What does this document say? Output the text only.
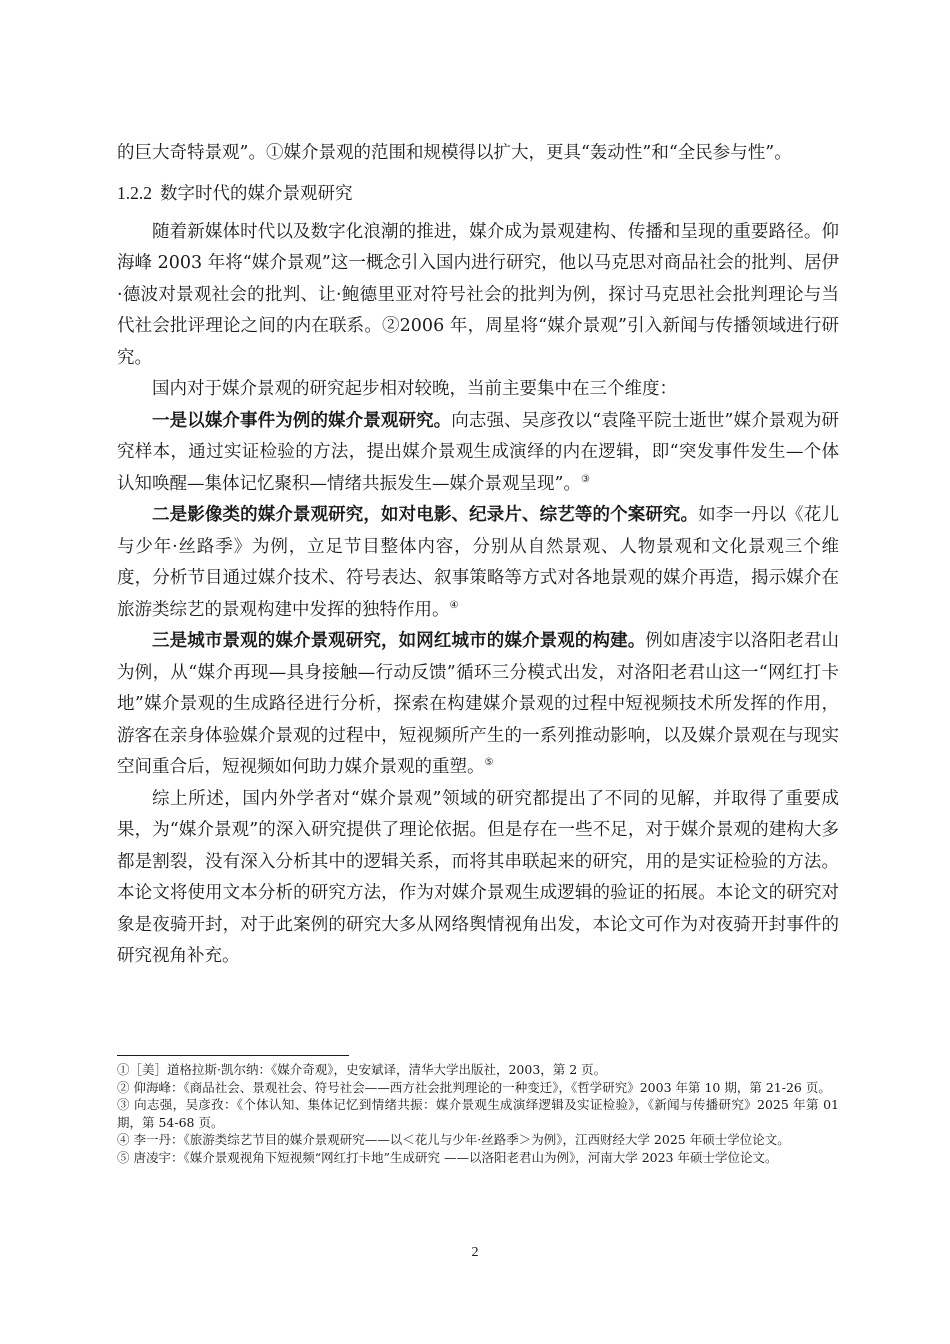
的巨大奇特景观”。①媒介景观的范围和规模得以扩大，更具“轰动性”和“全民参与性”。

1.2.2 数字时代的媒介景观研究

随着新媒体时代以及数字化浪潮的推进，媒介成为景观建构、传播和呈现的重要路径。仰海峰 2003 年将“媒介景观”这一概念引入国内进行研究，他以马克思对商品社会的批判、居伊·德波对景观社会的批判、让·鲍德里亚对符号社会的批判为例，探讨马克思社会批判理论与当代社会批评理论之间的内在联系。②2006 年，周星将“媒介景观”引入新闻与传播领域进行研究。

国内对于媒介景观的研究起步相对较晚，当前主要集中在三个维度：

一是以媒介事件为例的媒介景观研究。向志强、吴彦孜以“袁隆平院士逝世”媒介景观为研究样本，通过实证检验的方法，提出媒介景观生成演绎的内在逻辑，即“突发事件发生—个体认知唤醒—集体记忆聚积—情绪共振发生—媒介景观呈现”。③

二是影像类的媒介景观研究，如对电影、纪录片、综艺等的个案研究。如李一丹以《花儿与少年·丝路季》为例，立足节目整体内容，分别从自然景观、人物景观和文化景观三个维度，分析节目通过媒介技术、符号表达、叙事策略等方式对各地景观的媒介再造，揭示媒介在旅游类综艺的景观构建中发挥的独特作用。④

三是城市景观的媒介景观研究，如网红城市的媒介景观的构建。例如唐凌宇以洛阳老君山为例，从“媒介再现—具身接触—行动反馈”循环三分模式出发，对洛阳老君山这一“网红打卡地”媒介景观的生成路径进行分析，探索在构建媒介景观的过程中短视频技术所发挥的作用，游客在亲身体验媒介景观的过程中，短视频所产生的一系列推动影响，以及媒介景观在与现实空间重合后，短视频如何助力媒介景观的重塑。⑤

综上所述，国内外学者对“媒介景观”领域的研究都提出了不同的见解，并取得了重要成果，为“媒介景观”的深入研究提供了理论依据。但是存在一些不足，对于媒介景观的建构大多都是割裂，没有深入分析其中的逻辑关系，而将其串联起来的研究，用的是实证检验的方法。本论文将使用文本分析的研究方法，作为对媒介景观生成逻辑的验证的拓展。本论文的研究对象是夜骑开封，对于此案例的研究大多从网络舆情视角出发，本论文可作为对夜骑开封事件的研究视角补充。

①［美］道格拉斯·凯尔纳：《媒介奇观》，史安斌译，清华大学出版社，2003，第 2 页。

② 仰海峰：《商品社会、景观社会、符号社会——西方社会批判理论的一种变迁》，《哲学研究》2003 年第 10 期，第 21-26 页。

③ 向志强，吴彦孜：《个体认知、集体记忆到情绪共振：媒介景观生成演绎逻辑及实证检验》，《新闻与传播研究》2025 年第 01 期，第 54-68 页。

④ 李一丹：《旅游类综艺节目的媒介景观研究——以＜花儿与少年·丝路季＞为例》，江西财经大学 2025 年硕士学位论文。

⑤ 唐凌宇：《媒介景观视角下短视频“网红打卡地”生成研究 ——以洛阳老君山为例》，河南大学 2023 年硕士学位论文。

2
